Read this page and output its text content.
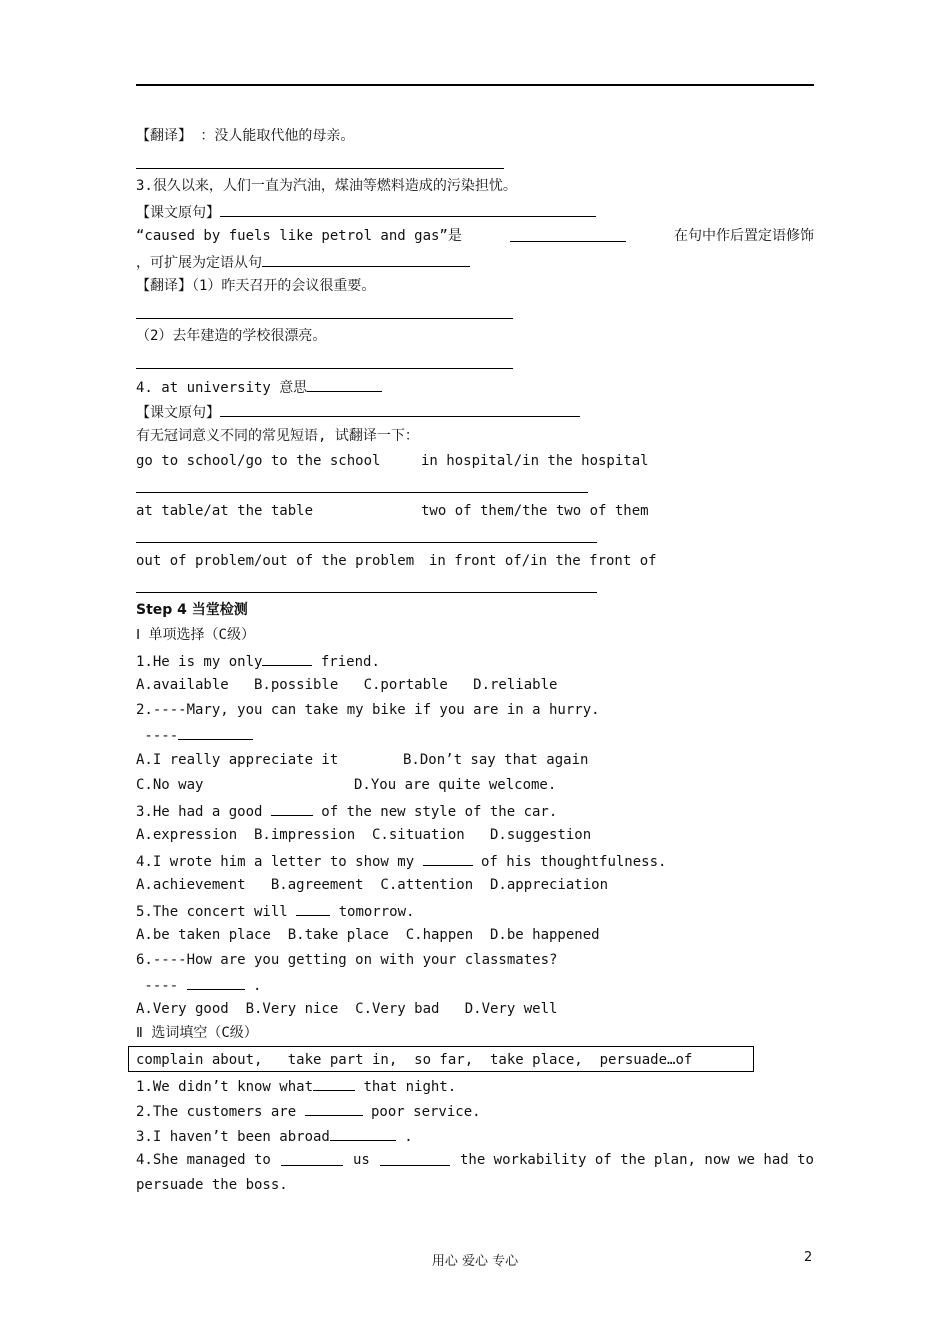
【翻译】 ：没人能取代他的母亲。
3.很久以来，人们一直为汽油，煤油等燃料造成的污染担忧。
【课文原句】
“caused by fuels like petrol and gas”是	在句中作后置定语修饰
，可扩展为定语从句
【翻译】（1）昨天召开的会议很重要。
（2）去年建造的学校很漂亮。
4. at university 意思
【课文原句】
有无冠词意义不同的常见短语, 试翻译一下：
go to school/go to the school	in hospital/in the hospital
at table/at the table	two of them/the two of them
out of problem/out of the problem in front of/in the front of
Step 4 当堂检测
Ⅰ 单项选择（C级）
1.He is my only	friend.
A.available   B.possible   C.portable   D.reliable
2.----Mary, you can take my bike if you are in a hurry.
----
A.I really appreciate it	B.Don’t say that again
C.No way	D.You are quite welcome.
3.He had a good	of the new style of the car.
A.expression  B.impression  C.situation   D.suggestion
4.I wrote him a letter to show my	of his thoughtfulness.
A.achievement   B.agreement  C.attention  D.appreciation
5.The concert will  tomorrow.
A.be taken place  B.take place  C.happen  D.be happened
6.----How are you getting on with your classmates?
----	.
A.Very good  B.Very nice  C.Very bad   D.Very well
Ⅱ 选词填空（C级）
complain about,   take part in,  so far,  take place,  persuade…of
1.We didn’t know what	that night.
2.The customers are	poor service.
3.I haven’t been abroad	.
4.She managed to	us	the workability of the plan, now we had to
persuade the boss.
用心 爱心 专心	2
